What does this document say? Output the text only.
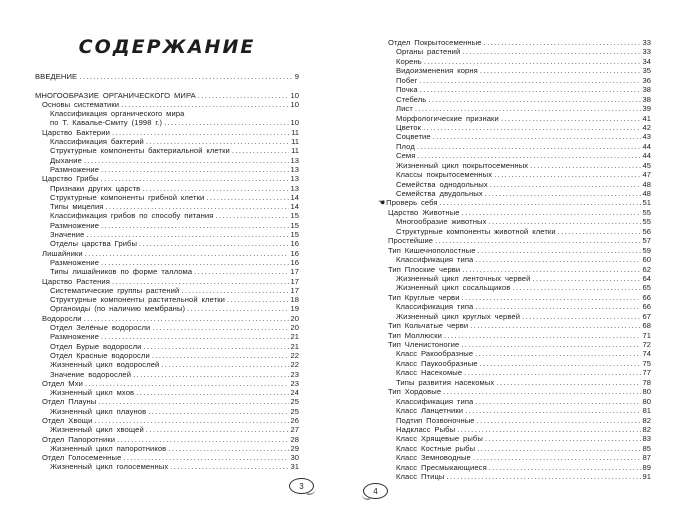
СОДЕРЖАНИЕ
ВВЕДЕНИЕ .....	9
МНОГООБРАЗИЕ ОРГАНИЧЕСКОГО МИРА .....	10
Основы систематики .....	10
Классификация органического мира
по Т. Кавалье-Смиту (1998 г.) .....	10
Царство Бактерии .....	11
Классификация бактерий .....	11
Структурные компоненты бактериальной клетки .....	11
Дыхание .....	13
Размножение .....	13
Царство Грибы .....	13
Признаки других царств .....	13
Структурные компоненты грибной клетки .....	14
Типы мицелия .....	14
Классификация грибов по способу питания .....	15
Размножение .....	15
Значение .....	15
Отделы царства Грибы .....	16
Лишайники .....	16
Размножение .....	16
Типы лишайников по форме таллома .....	17
Царство Растения .....	17
Систематические группы растений .....	17
Структурные компоненты растительной клетки .....	18
Органоиды (по наличию мембраны) .....	19
Водоросли .....	20
Отдел Зелёные водоросли .....	20
Размножение .....	21
Отдел Бурые водоросли .....	21
Отдел Красные водоросли .....	22
Жизненный цикл водорослей .....	22
Значение водорослей .....	23
Отдел Мхи .....	23
Жизненный цикл мхов .....	24
Отдел Плауны .....	25
Жизненный цикл плаунов .....	25
Отдел Хвощи .....	26
Жизненный цикл хвощей .....	27
Отдел Папоротники .....	28
Жизненный цикл папоротников .....	29
Отдел Голосеменные .....	30
Жизненный цикл голосеменных .....	31
Отдел Покрытосеменные .....	33
Органы растений .....	33
Корень .....	34
Видоизменения корня .....	35
Побег .....	36
Почка .....	38
Стебель .....	38
Лист .....	39
Морфологические признаки .....	41
Цветок .....	42
Соцветие .....	43
Плод .....	44
Семя .....	44
Жизненный цикл покрытосеменных .....	45
Классы покрытосеменных .....	47
Семейства однодольных .....	48
Семейства двудольных .....	48
☚ Проверь себя .....	51
Царство Животные .....	55
Многообразие животных .....	55
Структурные компоненты животной клетки .....	56
Простейшие .....	57
Тип Кишечнополостные .....	59
Классификация типа .....	60
Тип Плоские черви .....	62
Жизненный цикл ленточных червей .....	64
Жизненный цикл сосальщиков .....	65
Тип Круглые черви .....	66
Классификация типа .....	66
Жизненный цикл круглых червей .....	67
Тип Кольчатые черви .....	68
Тип Моллюски .....	71
Тип Членистоногие .....	72
Класс Ракообразные .....	74
Класс Паукообразные .....	75
Класс Насекомые .....	77
Типы развития насекомых .....	78
Тип Хордовые .....	80
Классификация типа .....	80
Класс Ланцетники .....	81
Подтип Позвоночные .....	82
Надкласс Рыбы .....	82
Класс Хрящевые рыбы .....	83
Класс Костные рыбы .....	85
Класс Земноводные .....	87
Класс Пресмыкающиеся .....	89
Класс Птицы .....	91
3
4
